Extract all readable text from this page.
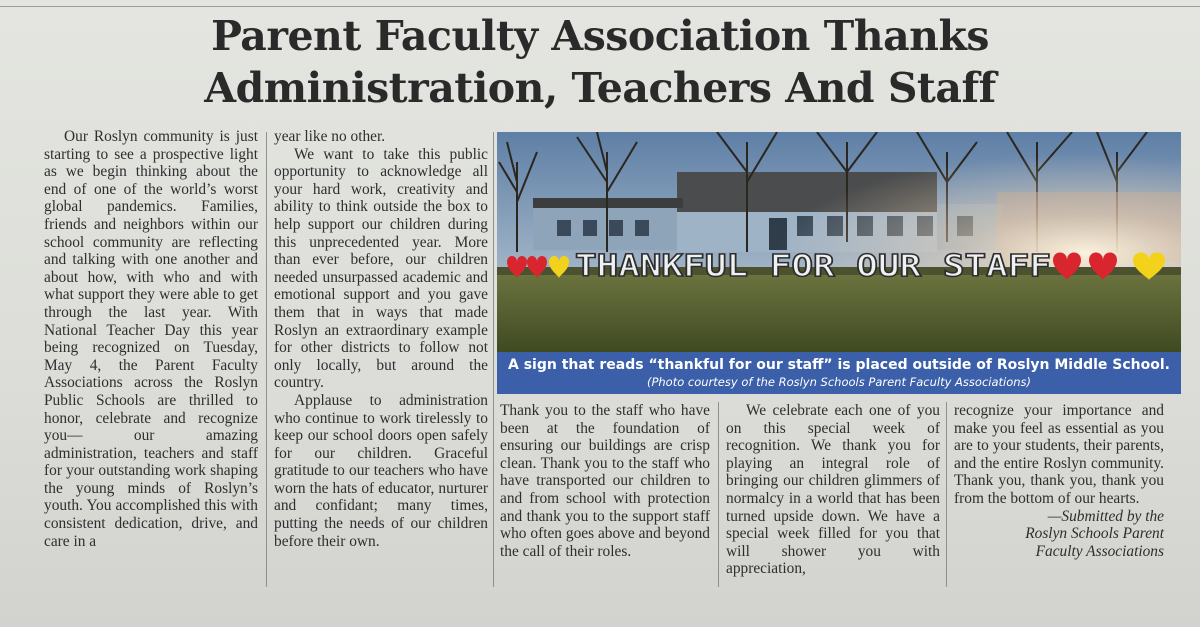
Parent Faculty Association Thanks
Administration, Teachers And Staff

Our Roslyn community is just starting to see a prospective light as we begin thinking about the end of one of the world’s worst global pandemics. Families, friends and neighbors within our school community are reflecting and talking with one another and about how, with who and with what support they were able to get through the last year. With National Teacher Day this year being recognized on Tuesday, May 4, the Parent Faculty Associations across the Roslyn Public Schools are thrilled to honor, celebrate and recognize you— our amazing administration, teachers and staff for your outstanding work shaping the young minds of Roslyn’s youth. You accomplished this with consistent dedication, drive, and care in a

year like no other.

We want to take this public opportunity to acknowledge all your hard work, creativity and ability to think outside the box to help support our children during this unprecedented year. More than ever before, our children needed unsurpassed academic and emotional support and you gave them that in ways that made Roslyn an extraordinary example for other districts to follow not only locally, but around the country.

Applause to administration who continue to work tirelessly to keep our school doors open safely for our children. Graceful gratitude to our teachers who have worn the hats of educator, nurturer and confidant; many times, putting the needs of our children before their own.

THANKFUL FOR OUR STAFF
A sign that reads “thankful for our staff” is placed outside of Roslyn Middle School.
(Photo courtesy of the Roslyn Schools Parent Faculty Associations)

Thank you to the staff who have been at the foundation of ensuring our buildings are crisp clean. Thank you to the staff who have transported our children to and from school with protection and thank you to the support staff who often goes above and beyond the call of their roles.

We celebrate each one of you on this special week of recognition. We thank you for playing an integral role of bringing our children glimmers of normalcy in a world that has been turned upside down. We have a special week filled for you that will shower you with appreciation,

recognize your importance and make you feel as essential as you are to your students, their parents, and the entire Roslyn community. Thank you, thank you, thank you from the bottom of our hearts.

—Submitted by the
Roslyn Schools Parent
Faculty Associations
